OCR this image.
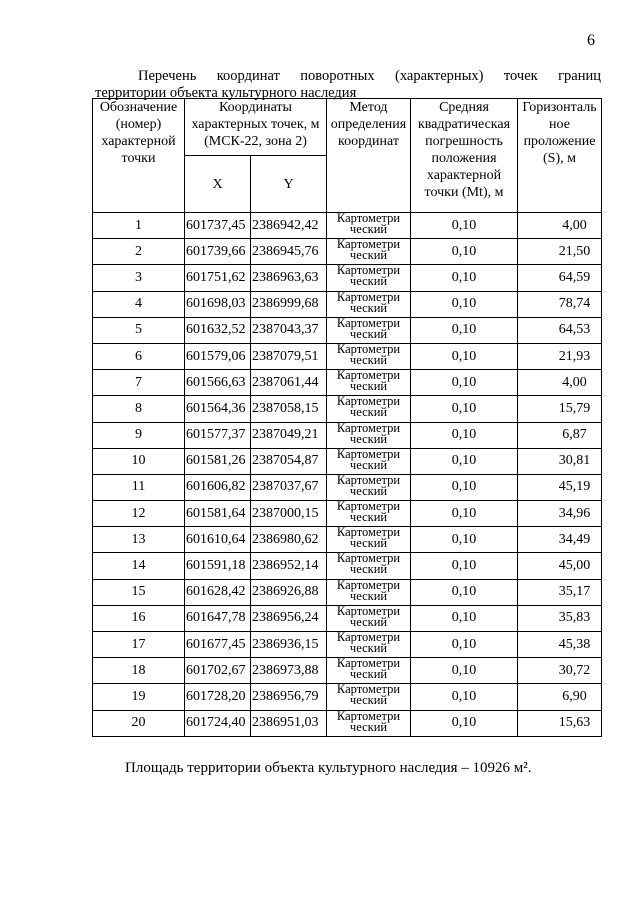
6
Перечень координат поворотных (характерных) точек границ
территории объекта культурного наследия
Обозначение (номер) характерной точки	Координаты характерных точек, м (МСК-22, зона 2)		Метод определения координат	Средняя квадратическая погрешность положения характерной точки (Mt), м	Горизонталь ное проложение (S), м
	X	Y			
1	601737,45	2386942,42	Картометри ческий	0,10	4,00
2	601739,66	2386945,76	Картометри ческий	0,10	21,50
3	601751,62	2386963,63	Картометри ческий	0,10	64,59
4	601698,03	2386999,68	Картометри ческий	0,10	78,74
5	601632,52	2387043,37	Картометри ческий	0,10	64,53
6	601579,06	2387079,51	Картометри ческий	0,10	21,93
7	601566,63	2387061,44	Картометри ческий	0,10	4,00
8	601564,36	2387058,15	Картометри ческий	0,10	15,79
9	601577,37	2387049,21	Картометри ческий	0,10	6,87
10	601581,26	2387054,87	Картометри ческий	0,10	30,81
11	601606,82	2387037,67	Картометри ческий	0,10	45,19
12	601581,64	2387000,15	Картометри ческий	0,10	34,96
13	601610,64	2386980,62	Картометри ческий	0,10	34,49
14	601591,18	2386952,14	Картометри ческий	0,10	45,00
15	601628,42	2386926,88	Картометри ческий	0,10	35,17
16	601647,78	2386956,24	Картометри ческий	0,10	35,83
17	601677,45	2386936,15	Картометри ческий	0,10	45,38
18	601702,67	2386973,88	Картометри ческий	0,10	30,72
19	601728,20	2386956,79	Картометри ческий	0,10	6,90
20	601724,40	2386951,03	Картометри ческий	0,10	15,63
Площадь территории объекта культурного наследия – 10926 м².
